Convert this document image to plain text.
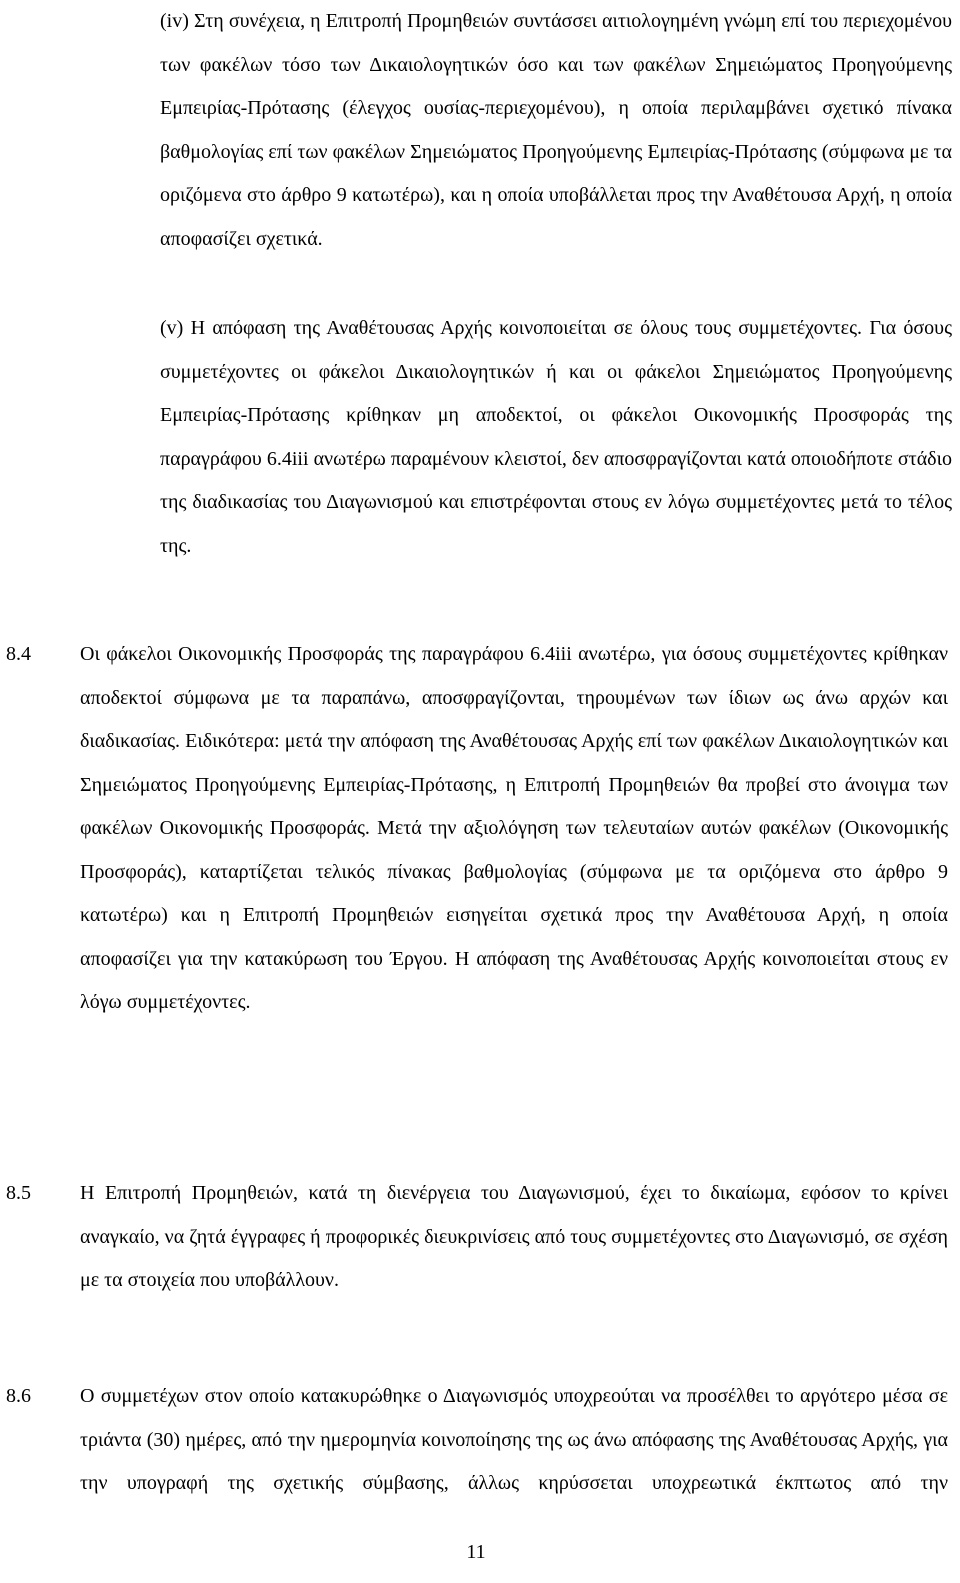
(iv) Στη συνέχεια, η Επιτροπή Προμηθειών συντάσσει αιτιολογημένη γνώμη επί του περιεχομένου των φακέλων τόσο των Δικαιολογητικών όσο και των φακέλων Σημειώματος Προηγούμενης Εμπειρίας-Πρότασης (έλεγχος ουσίας-περιεχομένου), η οποία περιλαμβάνει σχετικό πίνακα βαθμολογίας επί των φακέλων Σημειώματος Προηγούμενης Εμπειρίας-Πρότασης (σύμφωνα με τα οριζόμενα στο άρθρο 9 κατωτέρω), και η οποία υποβάλλεται προς την Αναθέτουσα Αρχή, η οποία αποφασίζει σχετικά.
(v) Η απόφαση της Αναθέτουσας Αρχής κοινοποιείται σε όλους τους συμμετέχοντες. Για όσους συμμετέχοντες οι φάκελοι Δικαιολογητικών ή και οι φάκελοι Σημειώματος Προηγούμενης Εμπειρίας-Πρότασης κρίθηκαν μη αποδεκτοί, οι φάκελοι Οικονομικής Προσφοράς της παραγράφου 6.4iii ανωτέρω παραμένουν κλειστοί, δεν αποσφραγίζονται κατά οποιοδήποτε στάδιο της διαδικασίας του Διαγωνισμού και επιστρέφονται στους εν λόγω συμμετέχοντες μετά το τέλος της.
8.4 Οι φάκελοι Οικονομικής Προσφοράς της παραγράφου 6.4iii ανωτέρω, για όσους συμμετέχοντες κρίθηκαν αποδεκτοί σύμφωνα με τα παραπάνω, αποσφραγίζονται, τηρουμένων των ίδιων ως άνω αρχών και διαδικασίας. Ειδικότερα: μετά την απόφαση της Αναθέτουσας Αρχής επί των φακέλων Δικαιολογητικών και Σημειώματος Προηγούμενης Εμπειρίας-Πρότασης, η Επιτροπή Προμηθειών θα προβεί στο άνοιγμα των φακέλων Οικονομικής Προσφοράς. Μετά την αξιολόγηση των τελευταίων αυτών φακέλων (Οικονομικής Προσφοράς), καταρτίζεται τελικός πίνακας βαθμολογίας (σύμφωνα με τα οριζόμενα στο άρθρο 9 κατωτέρω) και η Επιτροπή Προμηθειών εισηγείται σχετικά προς την Αναθέτουσα Αρχή, η οποία αποφασίζει για την κατακύρωση του Έργου. Η απόφαση της Αναθέτουσας Αρχής κοινοποιείται στους εν λόγω συμμετέχοντες.
8.5 Η Επιτροπή Προμηθειών, κατά τη διενέργεια του Διαγωνισμού, έχει το δικαίωμα, εφόσον το κρίνει αναγκαίο, να ζητά έγγραφες ή προφορικές διευκρινίσεις από τους συμμετέχοντες στο Διαγωνισμό, σε σχέση με τα στοιχεία που υποβάλλουν.
8.6 Ο συμμετέχων στον οποίο κατακυρώθηκε ο Διαγωνισμός υποχρεούται να προσέλθει το αργότερο μέσα σε τριάντα (30) ημέρες, από την ημερομηνία κοινοποίησης της ως άνω απόφασης της Αναθέτουσας Αρχής, για την υπογραφή της σχετικής σύμβασης, άλλως κηρύσσεται υποχρεωτικά έκπτωτος από την
11
